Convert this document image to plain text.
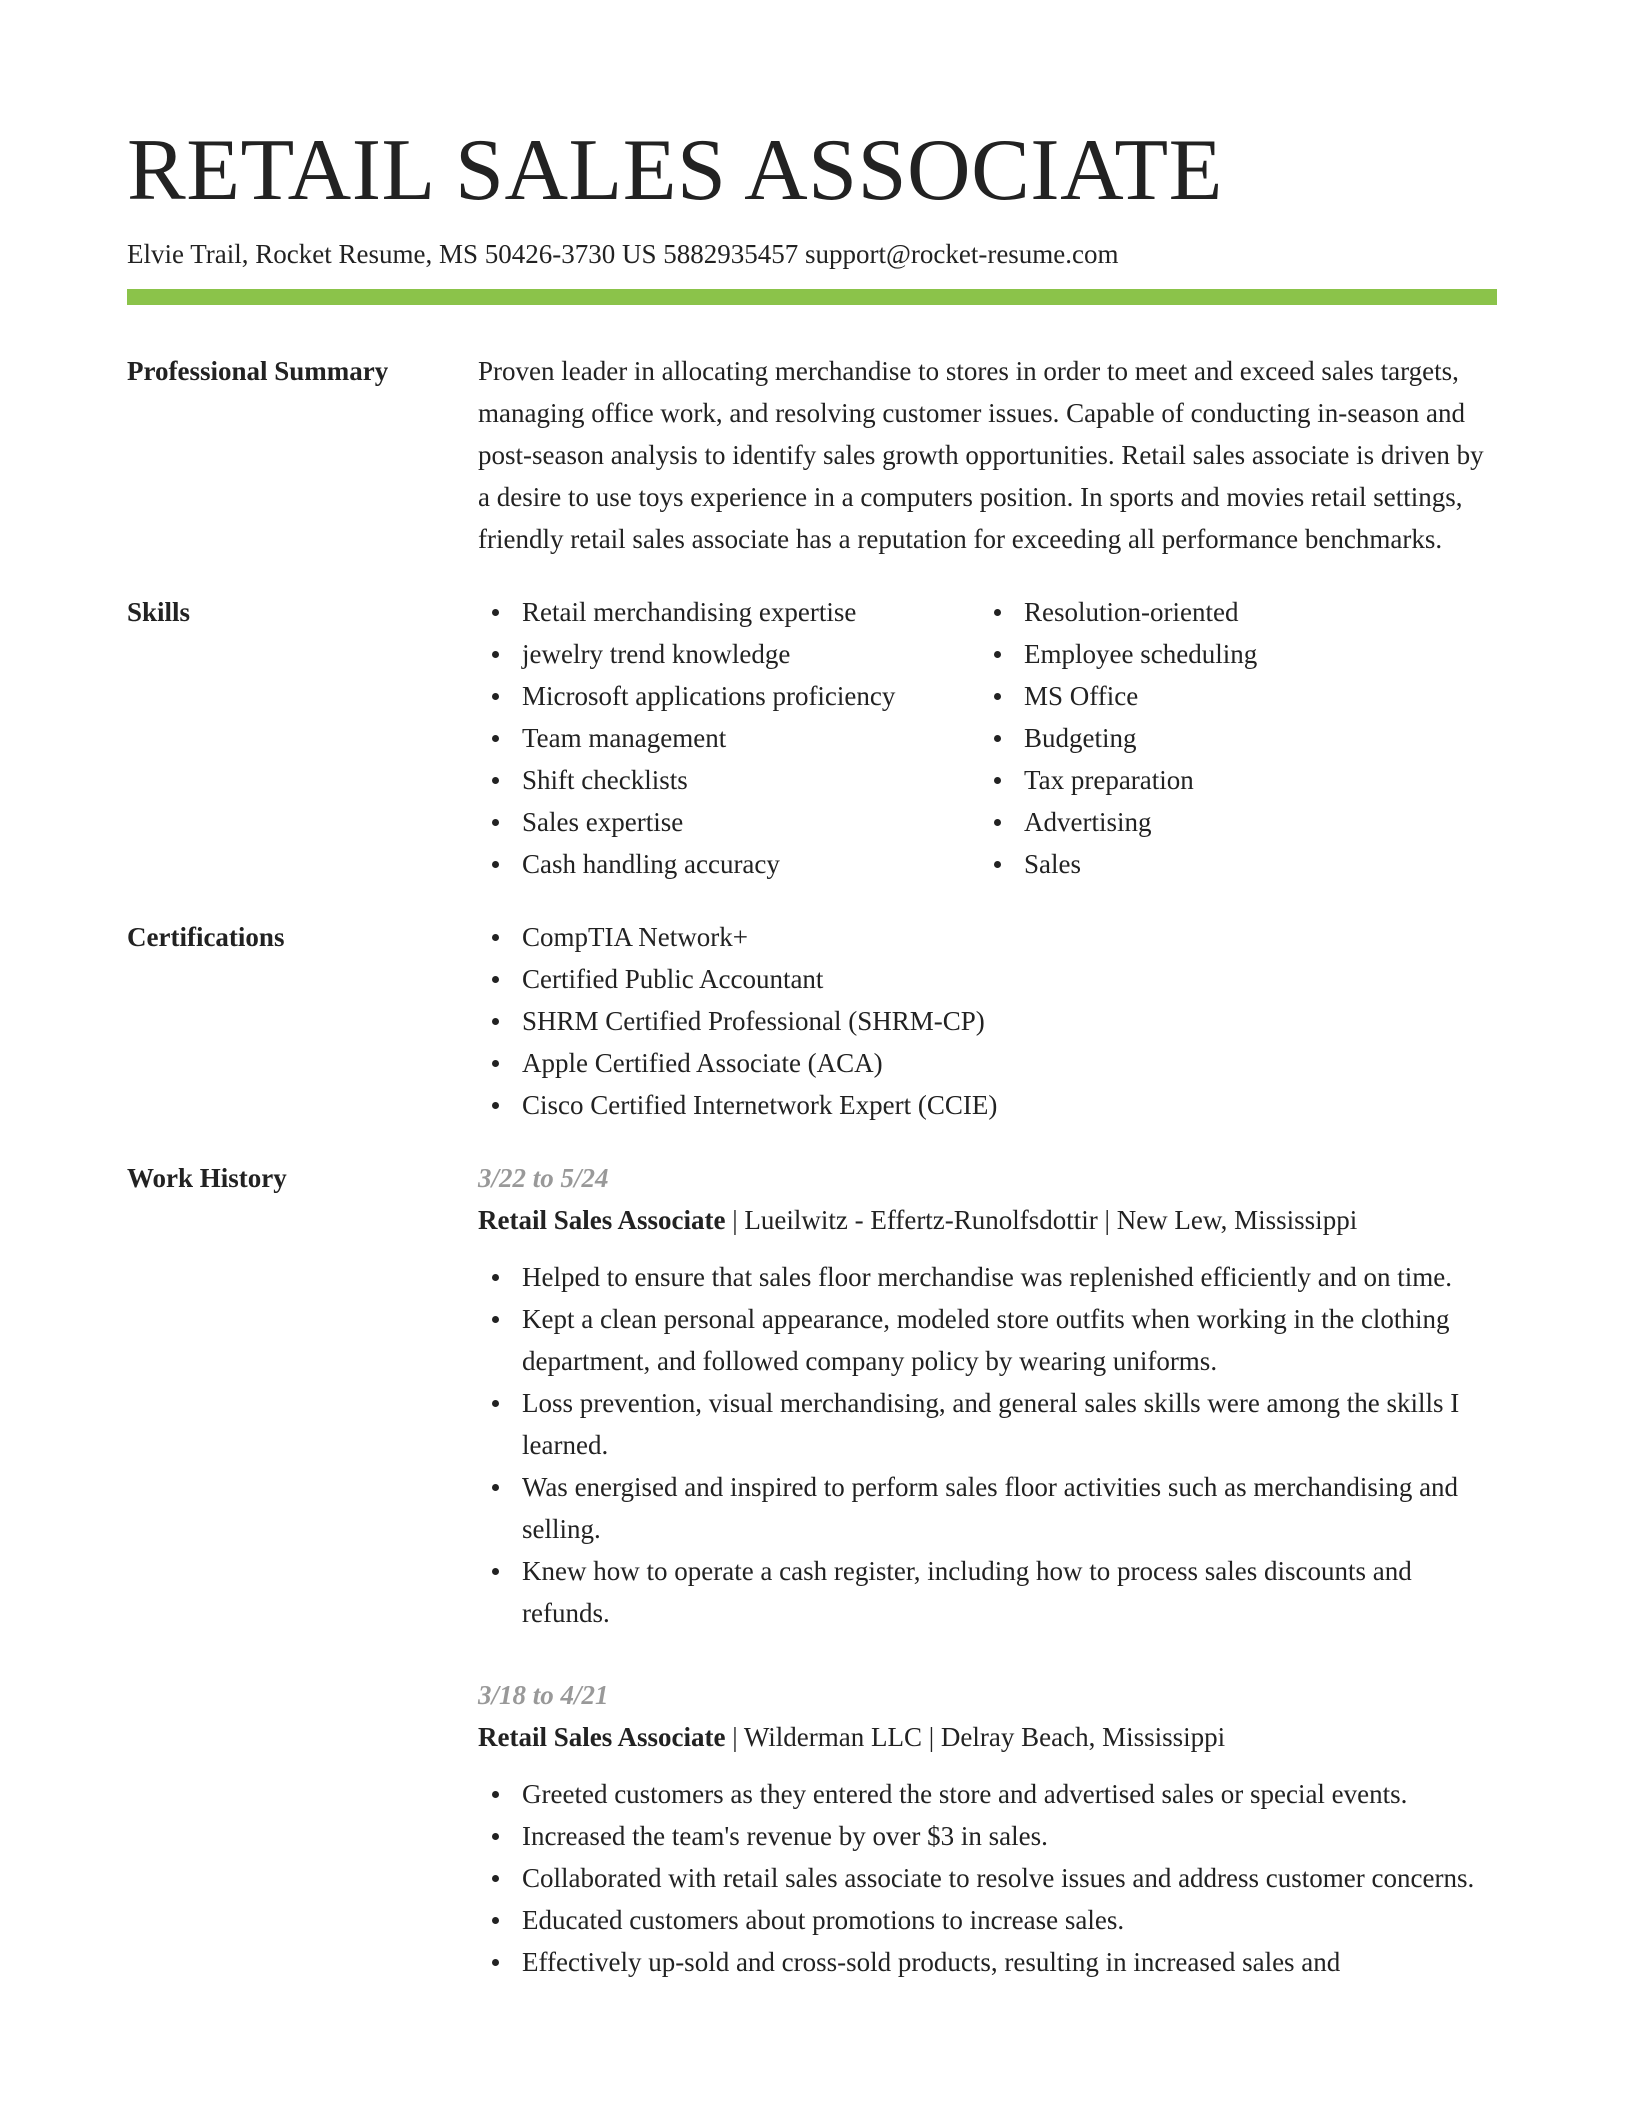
RETAIL SALES ASSOCIATE
Elvie Trail, Rocket Resume, MS 50426-3730 US 5882935457 support@rocket-resume.com
Professional Summary	Proven leader in allocating merchandise to stores in order to meet and exceed sales targets, managing office work, and resolving customer issues. Capable of conducting in-season and post-season analysis to identify sales growth opportunities. Retail sales associate is driven by a desire to use toys experience in a computers position. In sports and movies retail settings, friendly retail sales associate has a reputation for exceeding all performance benchmarks.

Skills	Retail merchandising expertise
jewelry trend knowledge
Microsoft applications proficiency
Team management
Shift checklists
Sales expertise
Cash handling accuracy
Resolution-oriented
Employee scheduling
MS Office
Budgeting
Tax preparation
Advertising
Sales
Certifications	CompTIA Network+
Certified Public Accountant
SHRM Certified Professional (SHRM-CP)
Apple Certified Associate (ACA)
Cisco Certified Internetwork Expert (CCIE)
Work History	3/22 to 5/24
Retail Sales Associate | Lueilwitz - Effertz-Runolfsdottir | New Lew, Mississippi
Helped to ensure that sales floor merchandise was replenished efficiently and on time.
Kept a clean personal appearance, modeled store outfits when working in the clothing department, and followed company policy by wearing uniforms.
Loss prevention, visual merchandising, and general sales skills were among the skills I learned.
Was energised and inspired to perform sales floor activities such as merchandising and selling.
Knew how to operate a cash register, including how to process sales discounts and refunds.
3/18 to 4/21
Retail Sales Associate | Wilderman LLC | Delray Beach, Mississippi
Greeted customers as they entered the store and advertised sales or special events.
Increased the team's revenue by over $3 in sales.
Collaborated with retail sales associate to resolve issues and address customer concerns.
Educated customers about promotions to increase sales.
Effectively up-sold and cross-sold products, resulting in increased sales and
